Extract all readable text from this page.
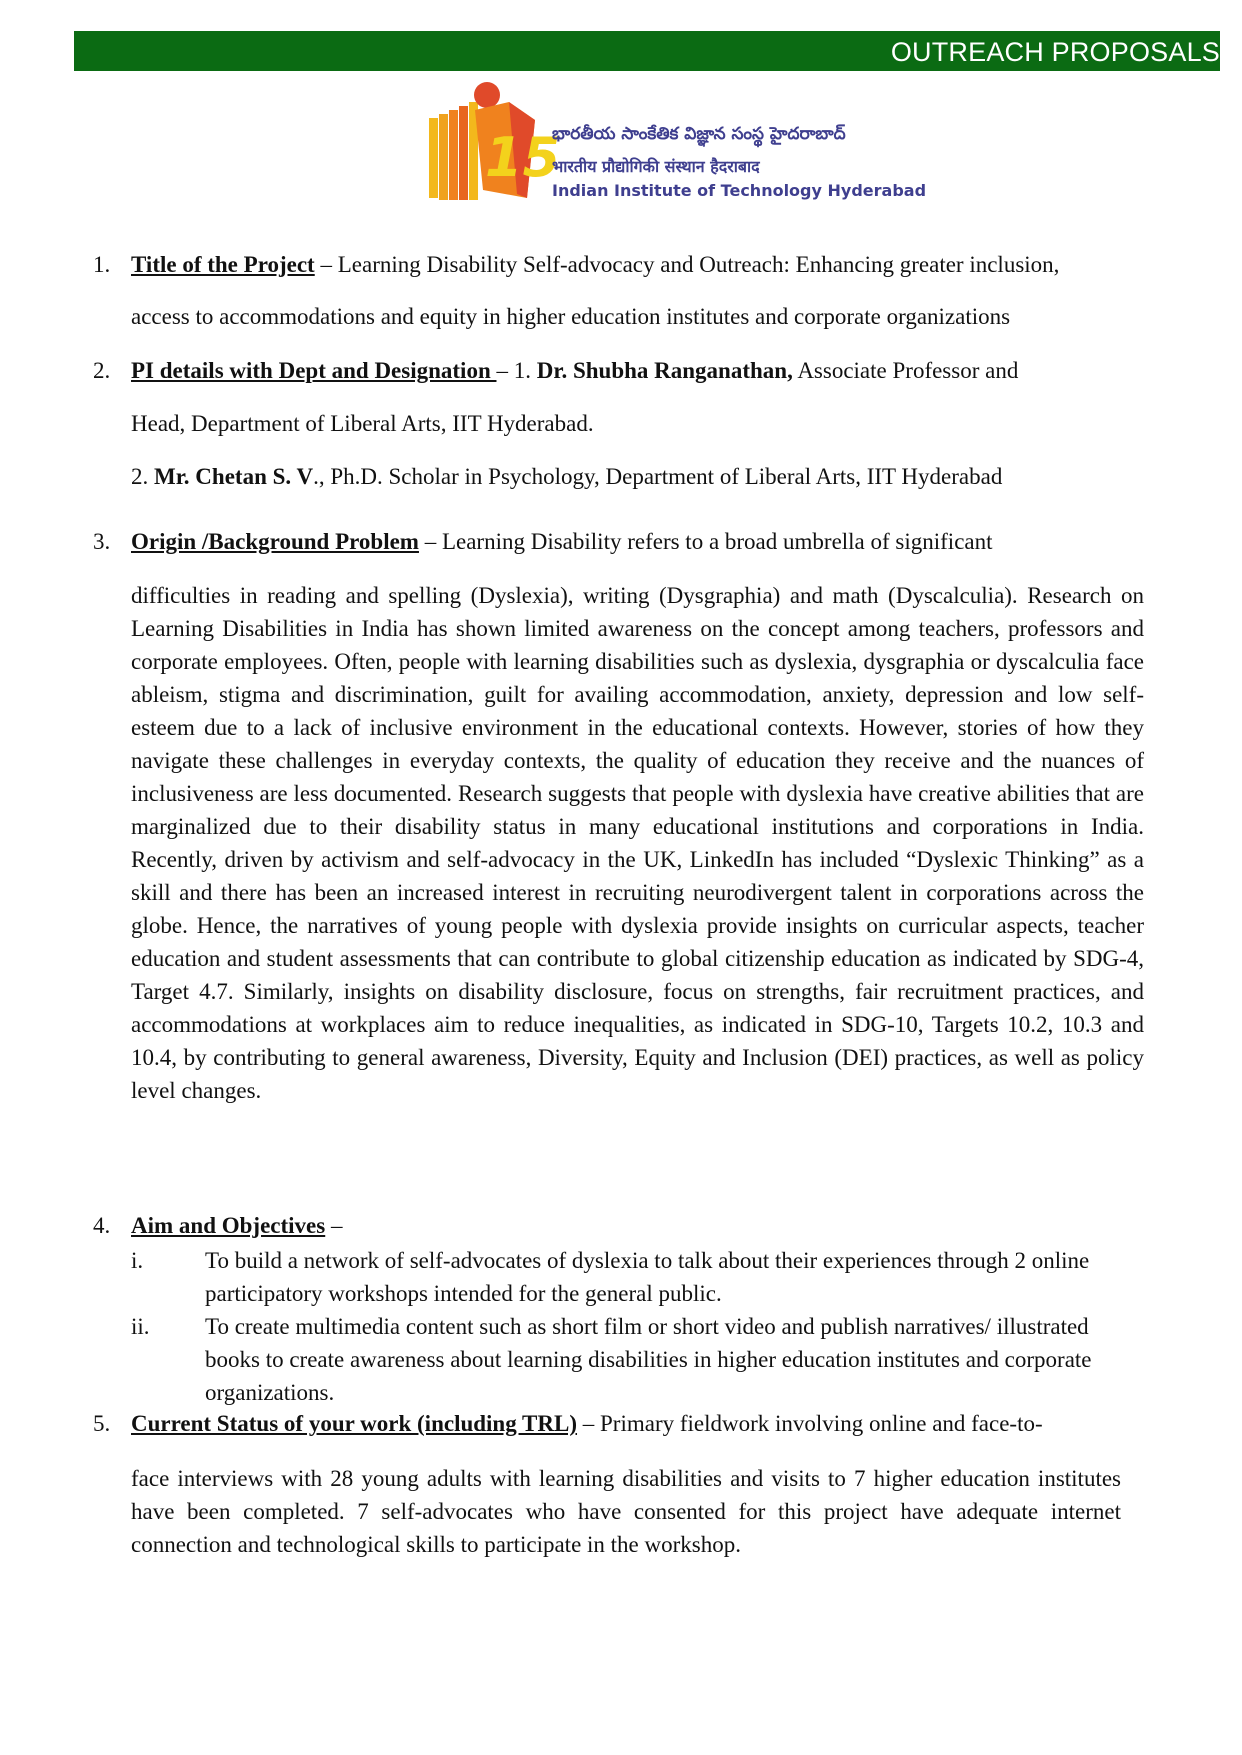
OUTREACH PROPOSALS
15
భారతీయ సాంకేతిక విజ్ఞాన సంస్థ హైదరాబాద్
भारतीय प्रौद्योगिकी संस्थान हैदराबाद
Indian Institute of Technology Hyderabad
1. Title of the Project – Learning Disability Self-advocacy and Outreach: Enhancing greater inclusion,
access to accommodations and equity in higher education institutes and corporate organizations
2. PI details with Dept and Designation – 1. Dr. Shubha Ranganathan, Associate Professor and
Head, Department of Liberal Arts, IIT Hyderabad.
2. Mr. Chetan S. V., Ph.D. Scholar in Psychology, Department of Liberal Arts, IIT Hyderabad
3. Origin /Background Problem – Learning Disability refers to a broad umbrella of significant

difficulties in reading and spelling (Dyslexia), writing (Dysgraphia) and math (Dyscalculia). Research on Learning Disabilities in India has shown limited awareness on the concept among teachers, professors and corporate employees. Often, people with learning disabilities such as dyslexia, dysgraphia or dyscalculia face ableism, stigma and discrimination, guilt for availing accommodation, anxiety, depression and low self-esteem due to a lack of inclusive environment in the educational contexts. However, stories of how they navigate these challenges in everyday contexts, the quality of education they receive and the nuances of inclusiveness are less documented. Research suggests that people with dyslexia have creative abilities that are marginalized due to their disability status in many educational institutions and corporations in India. Recently, driven by activism and self-advocacy in the UK, LinkedIn has included “Dyslexic Thinking” as a skill and there has been an increased interest in recruiting neurodivergent talent in corporations across the globe. Hence, the narratives of young people with dyslexia provide insights on curricular aspects, teacher education and student assessments that can contribute to global citizenship education as indicated by SDG-4, Target 4.7. Similarly, insights on disability disclosure, focus on strengths, fair recruitment practices, and accommodations at workplaces aim to reduce inequalities, as indicated in SDG-10, Targets 10.2, 10.3 and 10.4, by contributing to general awareness, Diversity, Equity and Inclusion (DEI) practices, as well as policy level changes.

4. Aim and Objectives –
i.	To build a network of self-advocates of dyslexia to talk about their experiences through 2 online participatory workshops intended for the general public.
ii. To create multimedia content such as short film or short video and publish narratives/ illustrated books to create awareness about learning disabilities in higher education institutes and corporate organizations.
5. Current Status of your work (including TRL) – Primary fieldwork involving online and face-to-

face interviews with 28 young adults with learning disabilities and visits to 7 higher education institutes have been completed. 7 self-advocates who have consented for this project have adequate internet connection and technological skills to participate in the workshop.
